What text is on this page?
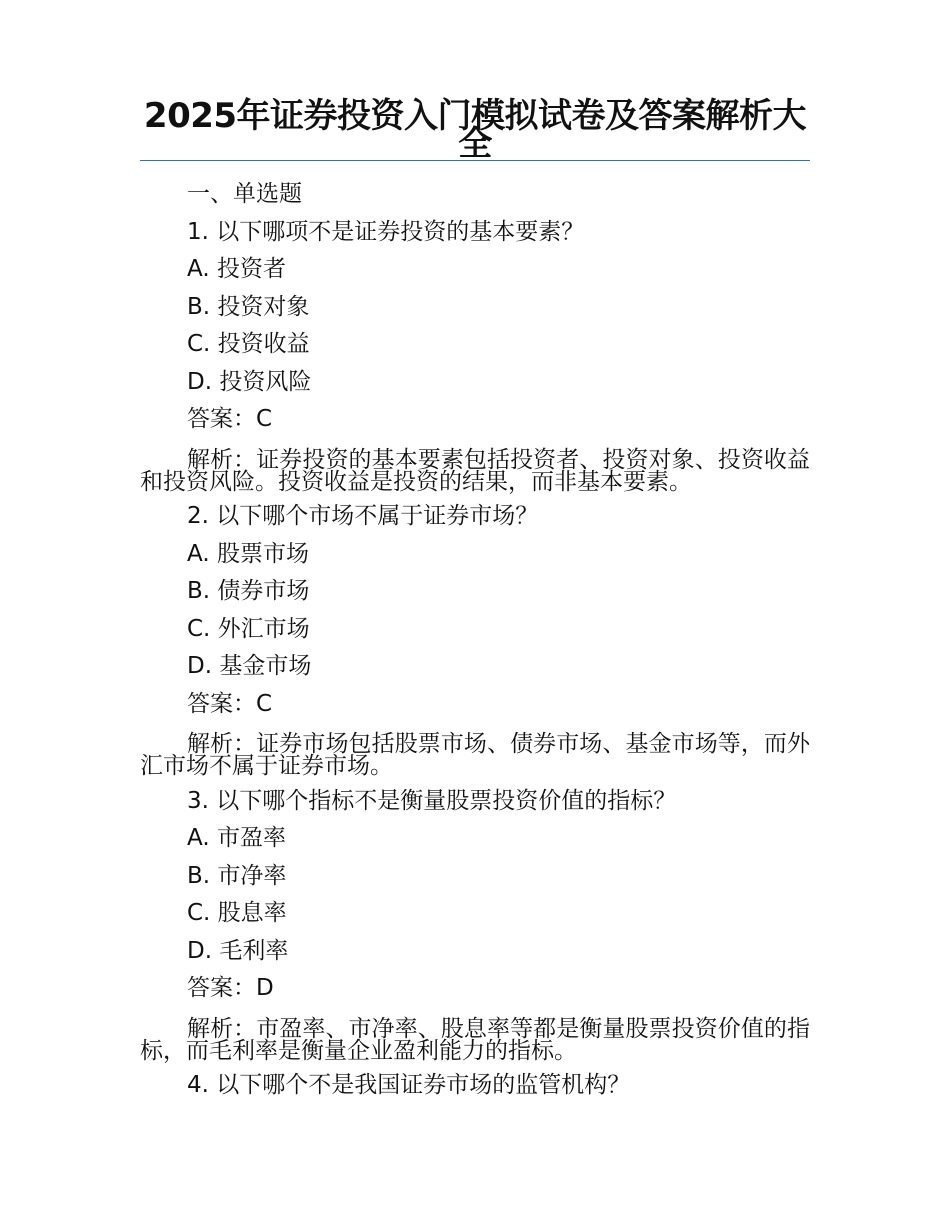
2025年证券投资入门模拟试卷及答案解析大全
一、单选题
1. 以下哪项不是证券投资的基本要素？
A. 投资者
B. 投资对象
C. 投资收益
D. 投资风险
答案：C
解析：证券投资的基本要素包括投资者、投资对象、投资收益和投资风险。投资收益是投资的结果，而非基本要素。
2. 以下哪个市场不属于证券市场？
A. 股票市场
B. 债券市场
C. 外汇市场
D. 基金市场
答案：C
解析：证券市场包括股票市场、债券市场、基金市场等，而外汇市场不属于证券市场。
3. 以下哪个指标不是衡量股票投资价值的指标？
A. 市盈率
B. 市净率
C. 股息率
D. 毛利率
答案：D
解析：市盈率、市净率、股息率等都是衡量股票投资价值的指标，而毛利率是衡量企业盈利能力的指标。
4. 以下哪个不是我国证券市场的监管机构？
